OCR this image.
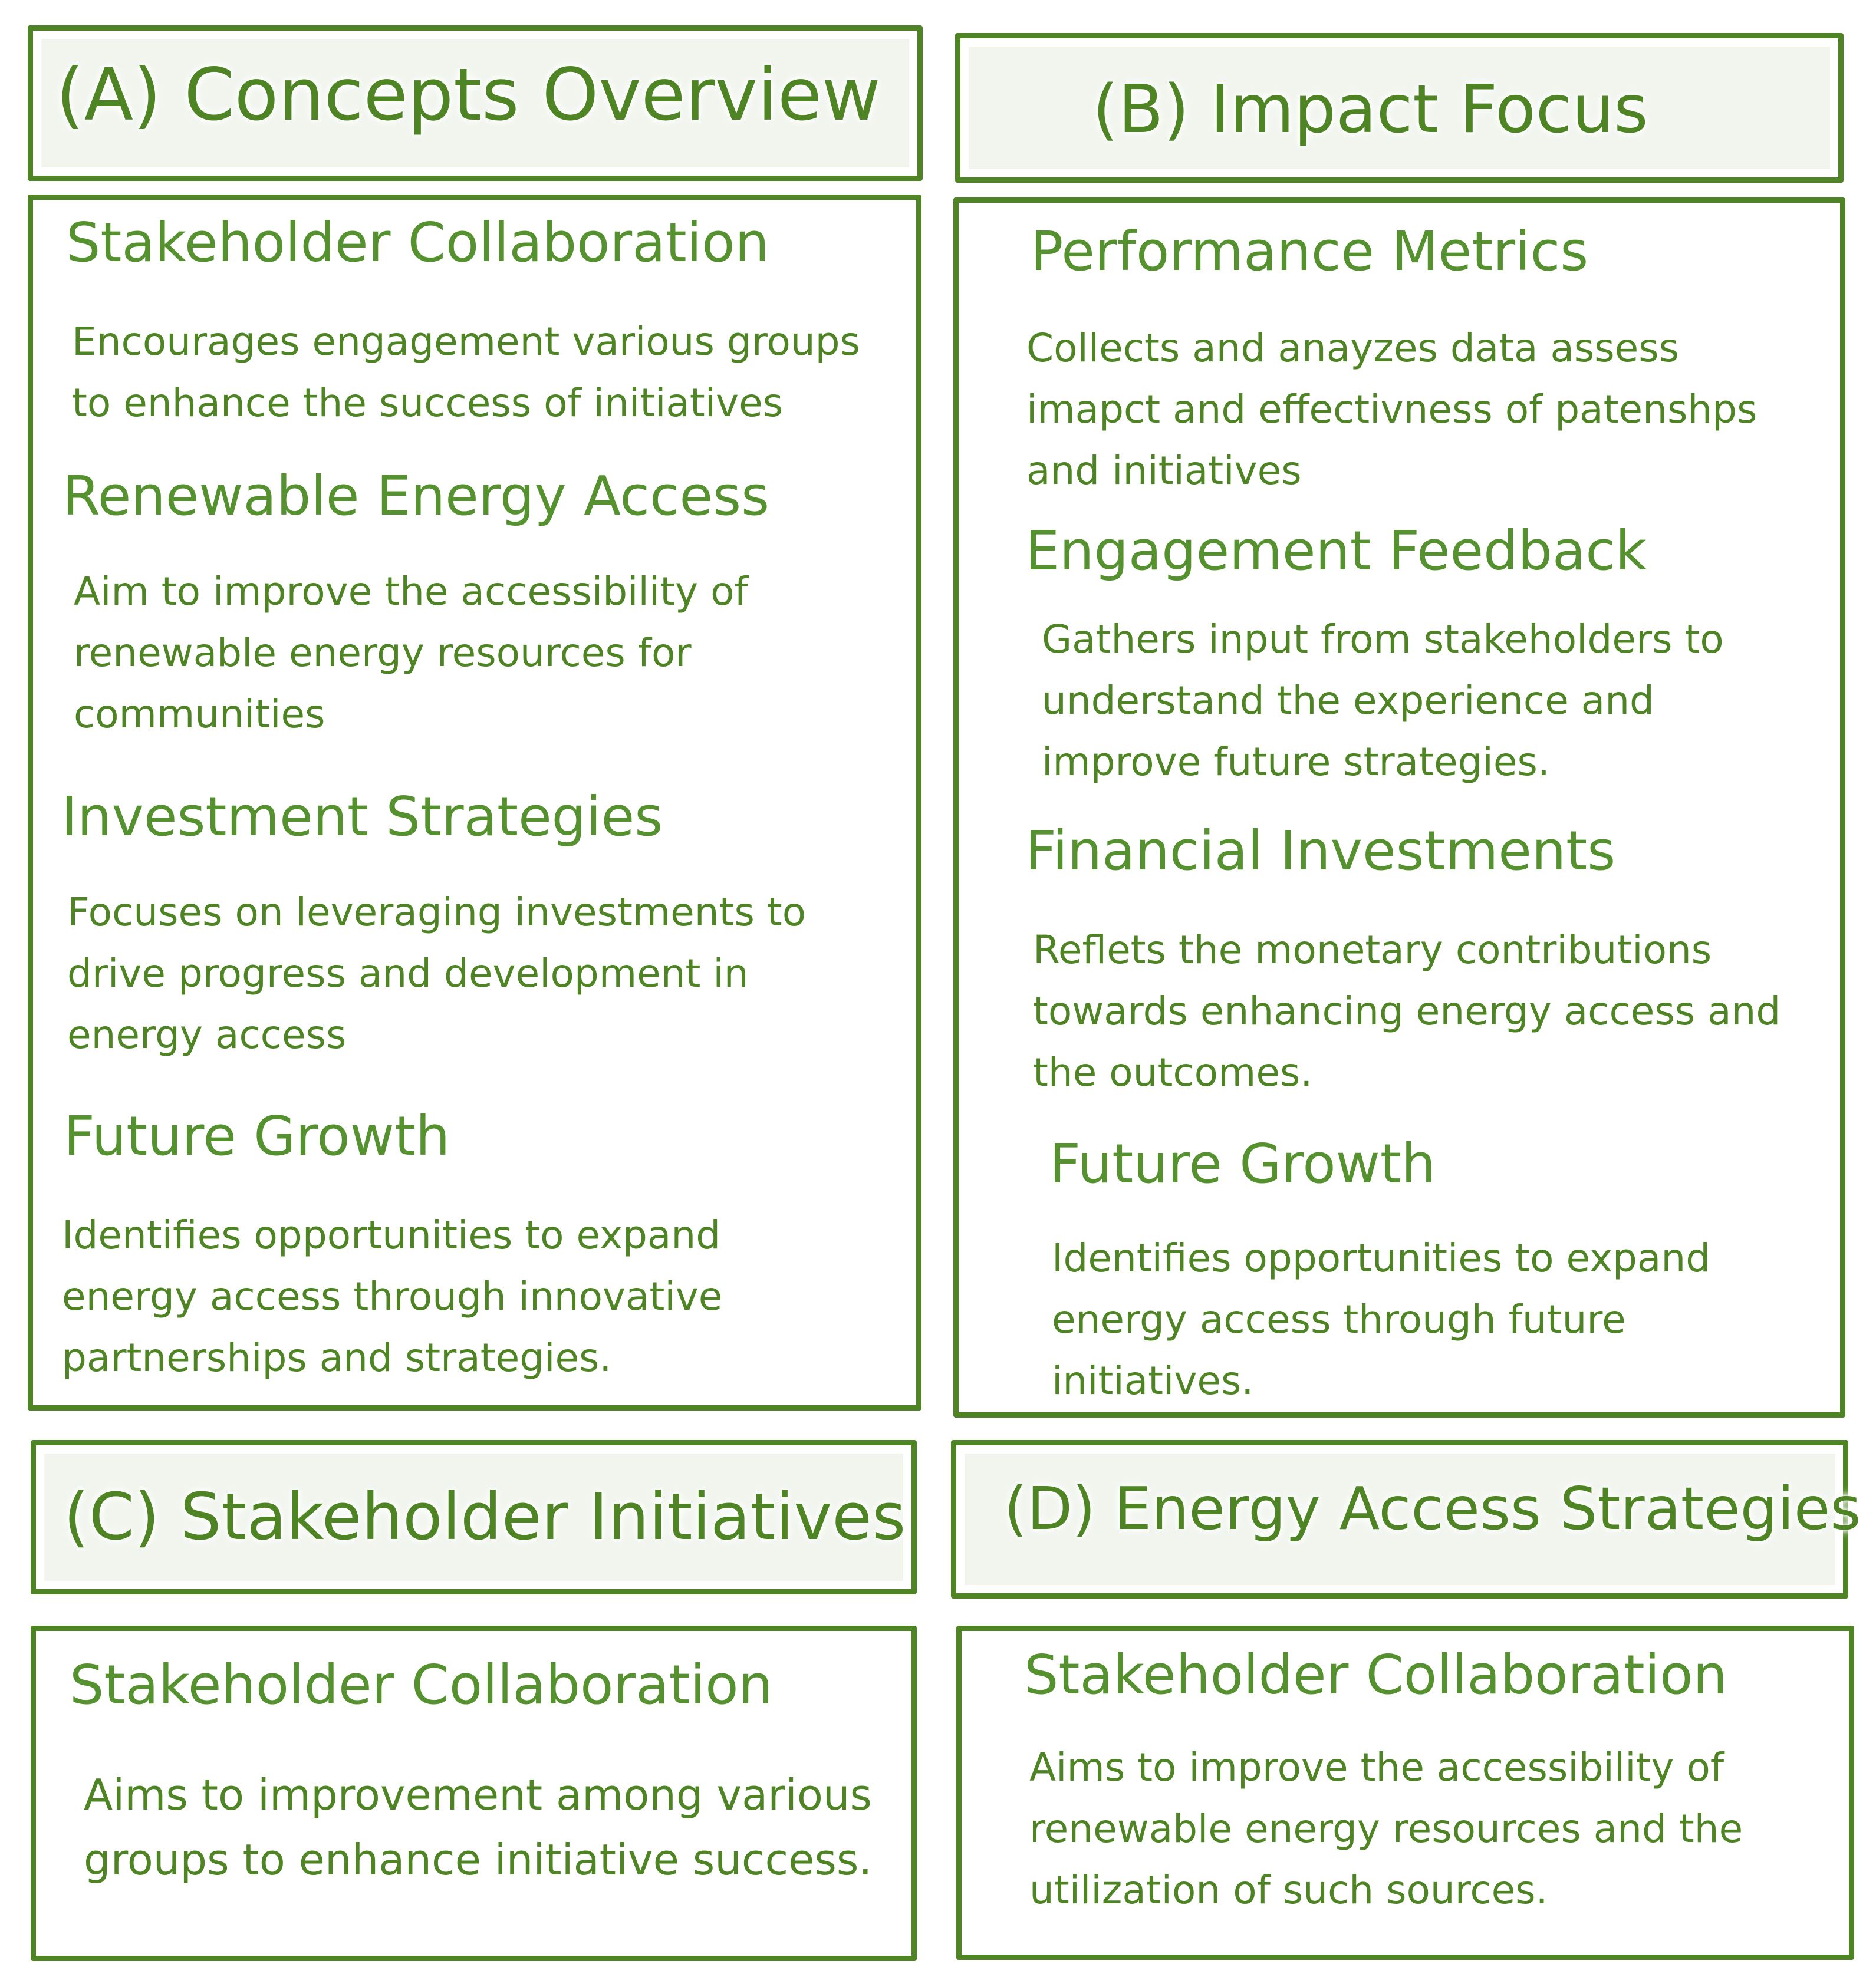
(A) Concepts Overview
Stakeholder Collaboration
Encourages engagement various groups
to enhance the success of initiatives
Renewable Energy Access
Aim to improve the accessibility of
renewable energy resources for
communities
Investment Strategies
Focuses on leveraging investments to
drive progress and development in
energy access
Future Growth
Identifies opportunities to expand
energy access through innovative
partnerships and strategies.
(B) Impact Focus
Performance Metrics
Collects and anayzes data assess
imapct and effectivness of patenshps
and initiatives
Engagement Feedback
Gathers input from stakeholders to
understand the experience and
improve future strategies.
Financial Investments
Reflets the monetary contributions
towards enhancing energy access and
the outcomes.
Future Growth
Identifies opportunities to expand
energy access through future
initiatives.
(C) Stakeholder Initiatives
Stakeholder Collaboration
Aims to improvement among various
groups to enhance initiative success.
(D) Energy Access Strategies
Stakeholder Collaboration
Aims to improve the accessibility of
renewable energy resources and the
utilization of such sources.
